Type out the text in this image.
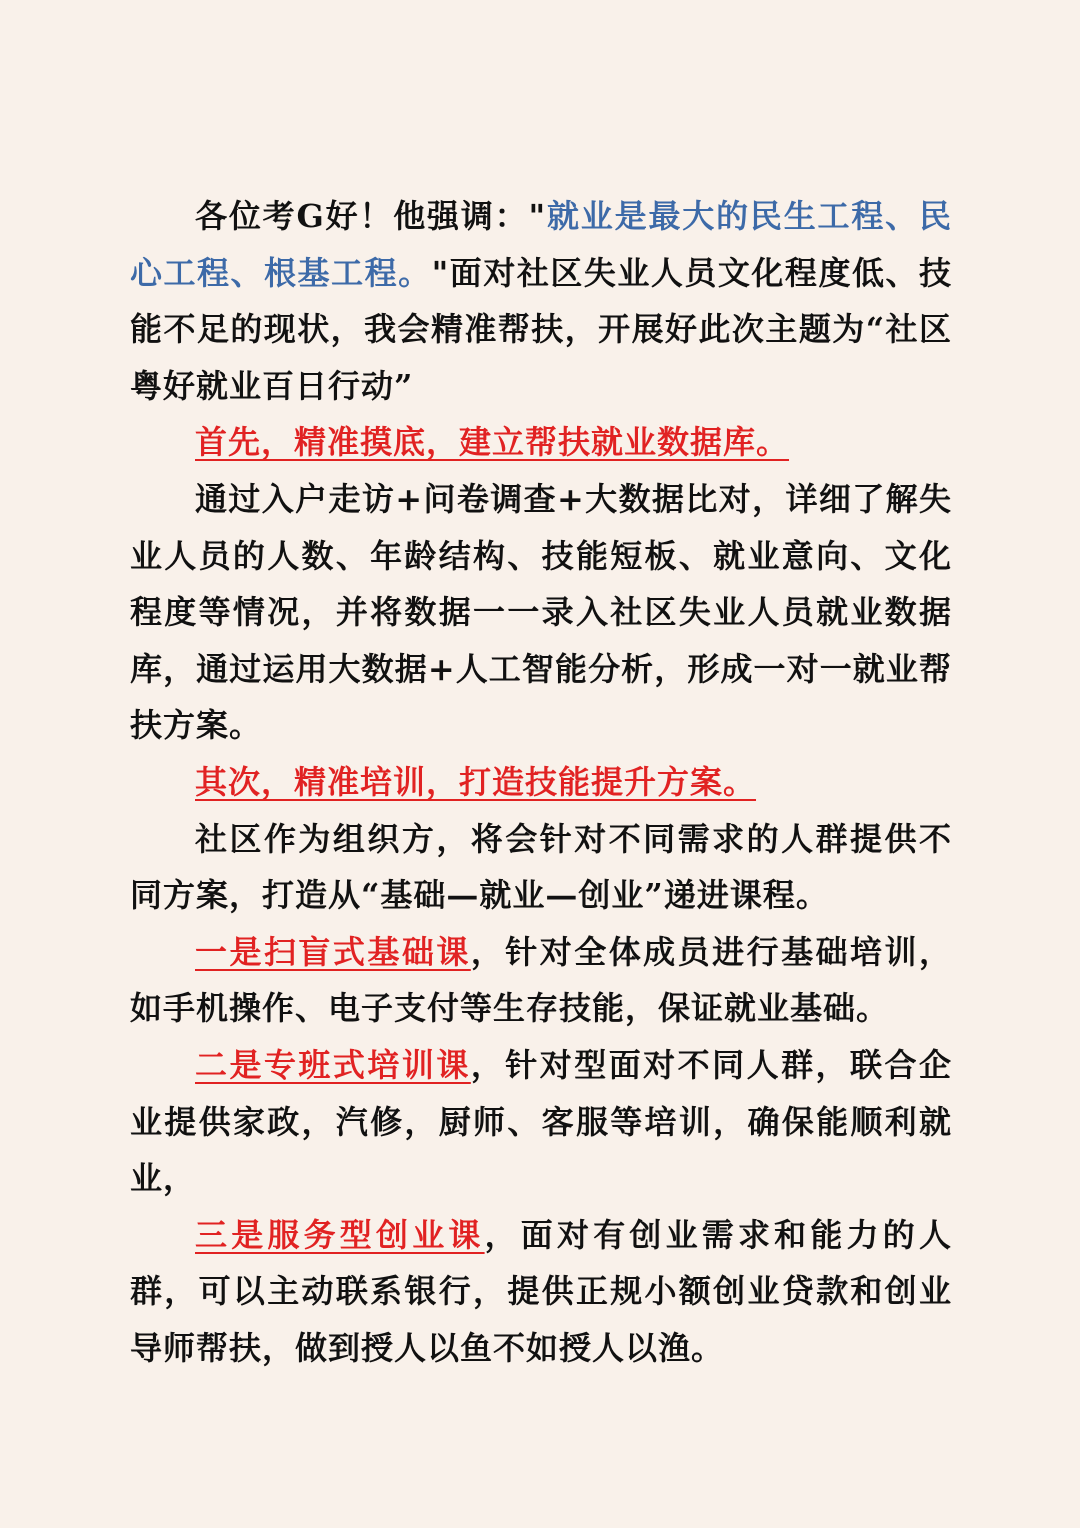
各位考G好！他强调："就业是最大的民生工程、民心工程、根基工程。"面对社区失业人员文化程度低、技能不足的现状，我会精准帮扶，开展好此次主题为“社区粤好就业百日行动”

首先，精准摸底，建立帮扶就业数据库。

通过入户走访+问卷调查+大数据比对，详细了解失业人员的人数、年龄结构、技能短板、就业意向、文化程度等情况，并将数据一一录入社区失业人员就业数据库，通过运用大数据+人工智能分析，形成一对一就业帮扶方案。

其次，精准培训，打造技能提升方案。

社区作为组织方，将会针对不同需求的人群提供不同方案，打造从“基础—就业—创业”递进课程。

一是扫盲式基础课，针对全体成员进行基础培训，如手机操作、电子支付等生存技能，保证就业基础。

二是专班式培训课，针对型面对不同人群，联合企业提供家政，汽修，厨师、客服等培训，确保能顺利就业，

三是服务型创业课，面对有创业需求和能力的人群，可以主动联系银行，提供正规小额创业贷款和创业导师帮扶，做到授人以鱼不如授人以渔。
